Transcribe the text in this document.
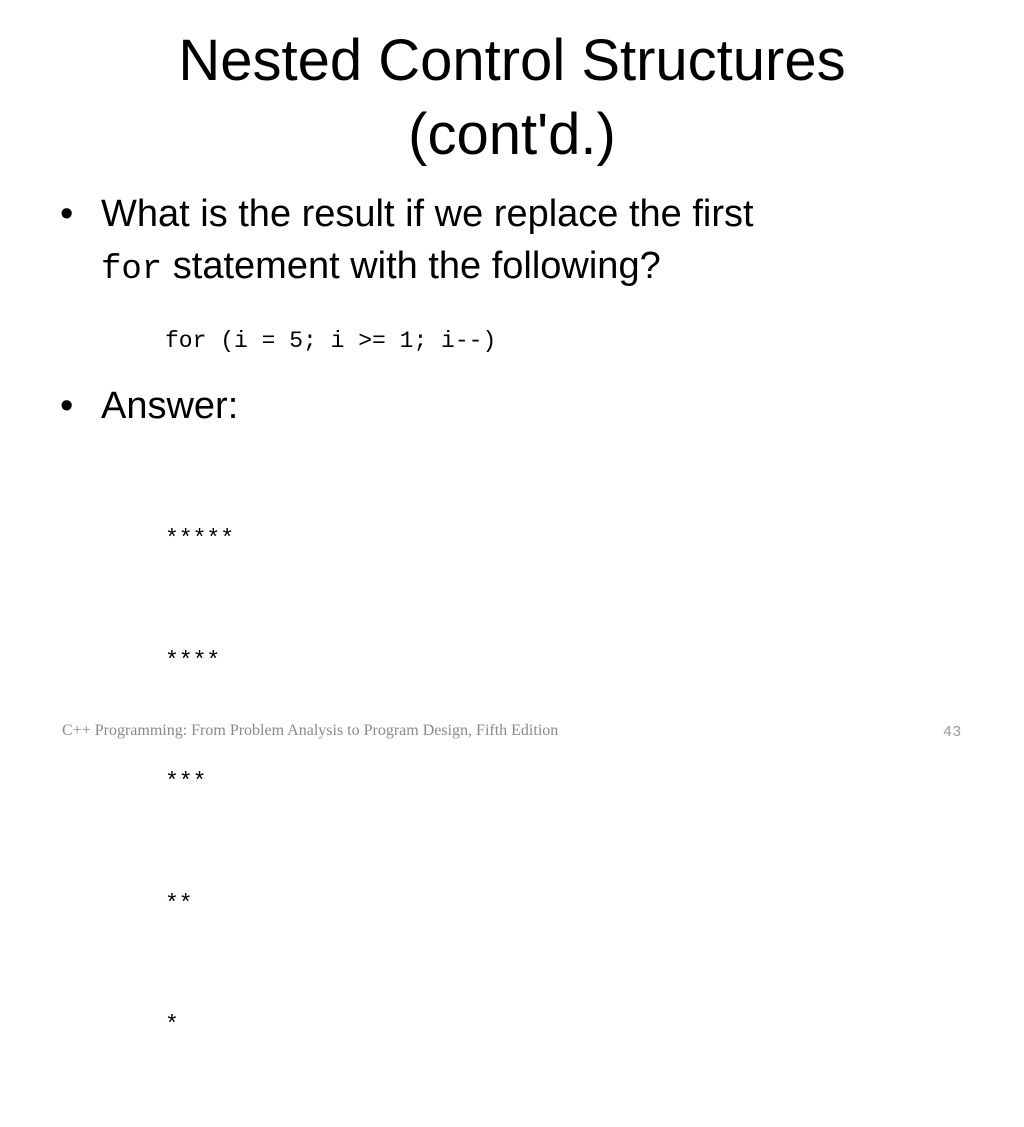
Nested Control Structures
(cont'd.)
• What is the result if we replace the first
for statement with the following?
for (i = 5; i >= 1; i--)
• Answer:

*****

****

***

**

*

C++ Programming: From Problem Analysis to Program Design, Fifth Edition	43
